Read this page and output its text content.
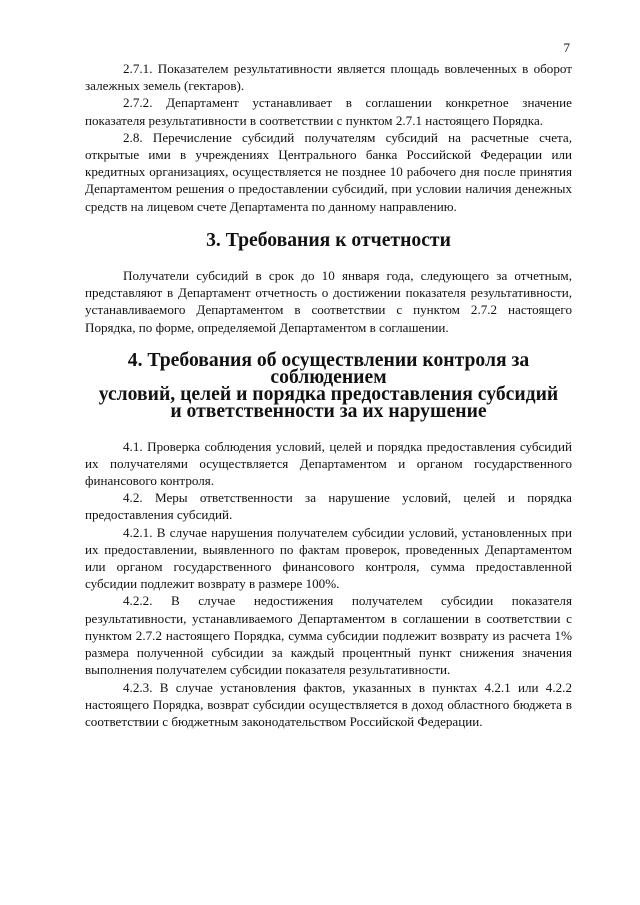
7

2.7.1. Показателем результативности является площадь вовлеченных в оборот залежных земель (гектаров).

2.7.2. Департамент устанавливает в соглашении конкретное значение показателя результативности в соответствии с пунктом 2.7.1 настоящего Порядка.

2.8. Перечисление субсидий получателям субсидий на расчетные счета, открытые ими в учреждениях Центрального банка Российской Федерации или кредитных организациях, осуществляется не позднее 10 рабочего дня после принятия Департаментом решения о предоставлении субсидий, при условии наличия денежных средств на лицевом счете Департамента по данному направлению.

3. Требования к отчетности

Получатели субсидий в срок до 10 января года, следующего за отчетным, представляют в Департамент отчетность о достижении показателя результативности, устанавливаемого Департаментом в соответствии с пунктом 2.7.2 настоящего Порядка, по форме, определяемой Департаментом в соглашении.

4. Требования об осуществлении контроля за соблюдением
условий, целей и порядка предоставления субсидий
и ответственности за их нарушение

4.1. Проверка соблюдения условий, целей и порядка предоставления субсидий их получателями осуществляется Департаментом и органом государственного финансового контроля.

4.2. Меры ответственности за нарушение условий, целей и порядка предоставления субсидий.

4.2.1. В случае нарушения получателем субсидии условий, установленных при их предоставлении, выявленного по фактам проверок, проведенных Департаментом или органом государственного финансового контроля, сумма предоставленной субсидии подлежит возврату в размере 100%.

4.2.2. В случае недостижения получателем субсидии показателя результативности, устанавливаемого Департаментом в соглашении в соответствии с пунктом 2.7.2 настоящего Порядка, сумма субсидии подлежит возврату из расчета 1% размера полученной субсидии за каждый процентный пункт снижения значения выполнения получателем субсидии показателя результативности.

4.2.3. В случае установления фактов, указанных в пунктах 4.2.1 или 4.2.2 настоящего Порядка, возврат субсидии осуществляется в доход областного бюджета в соответствии с бюджетным законодательством Российской Федерации.
